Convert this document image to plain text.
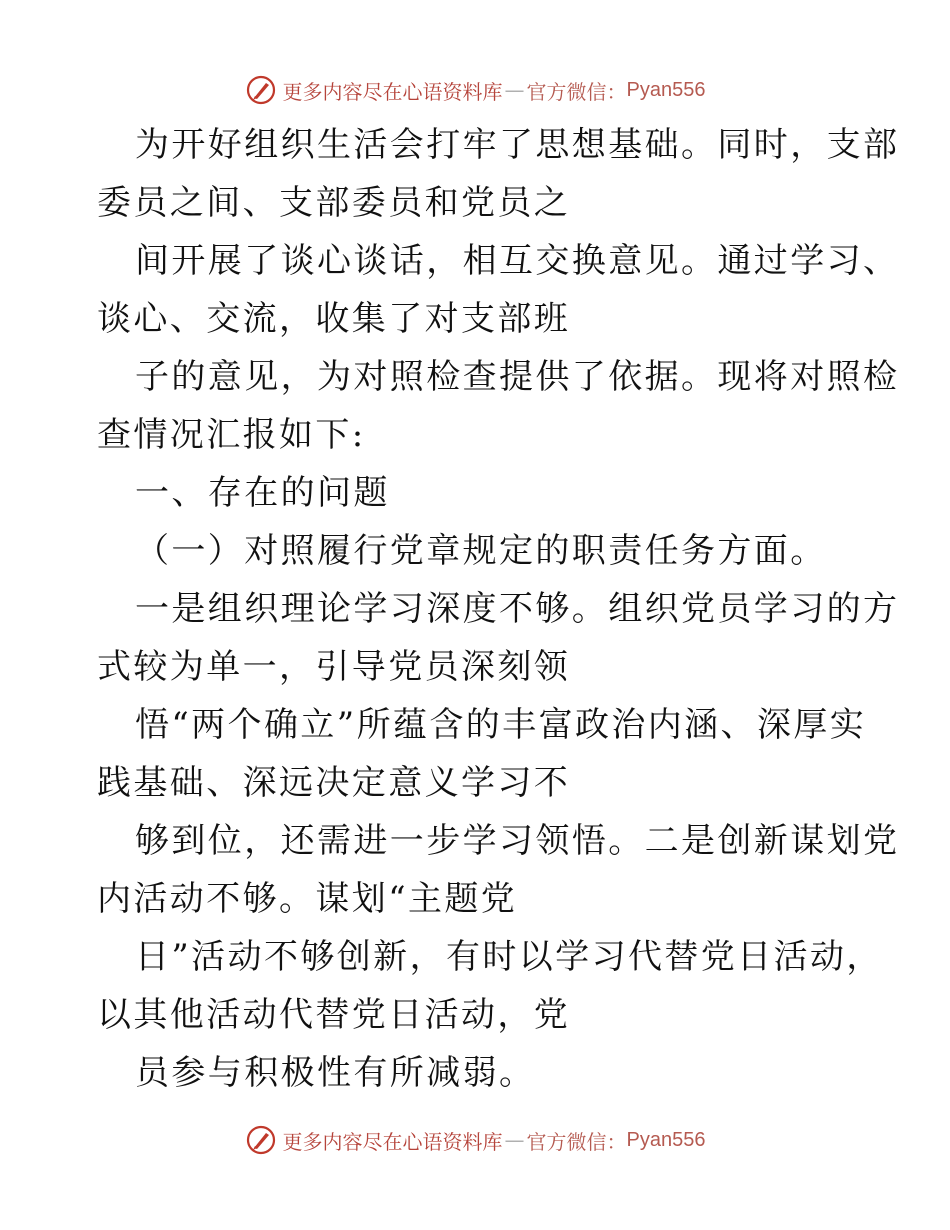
更多内容尽在心语资料库 — 官方微信： Pyan556
为开好组织生活会打牢了思想基础。同时，支部
委员之间、支部委员和党员之
间开展了谈心谈话，相互交换意见。通过学习、
谈心、交流，收集了对支部班
子的意见，为对照检查提供了依据。现将对照检
查情况汇报如下:
一、存在的问题
（一）对照履行党章规定的职责任务方面。
一是组织理论学习深度不够。组织党员学习的方
式较为单一，引导党员深刻领
悟“两个确立”所蕴含的丰富政治内涵、深厚实
践基础、深远决定意义学习不
够到位，还需进一步学习领悟。二是创新谋划党
内活动不够。谋划“主题党
日”活动不够创新，有时以学习代替党日活动，
以其他活动代替党日活动，党
员参与积极性有所减弱。
更多内容尽在心语资料库 — 官方微信： Pyan556
